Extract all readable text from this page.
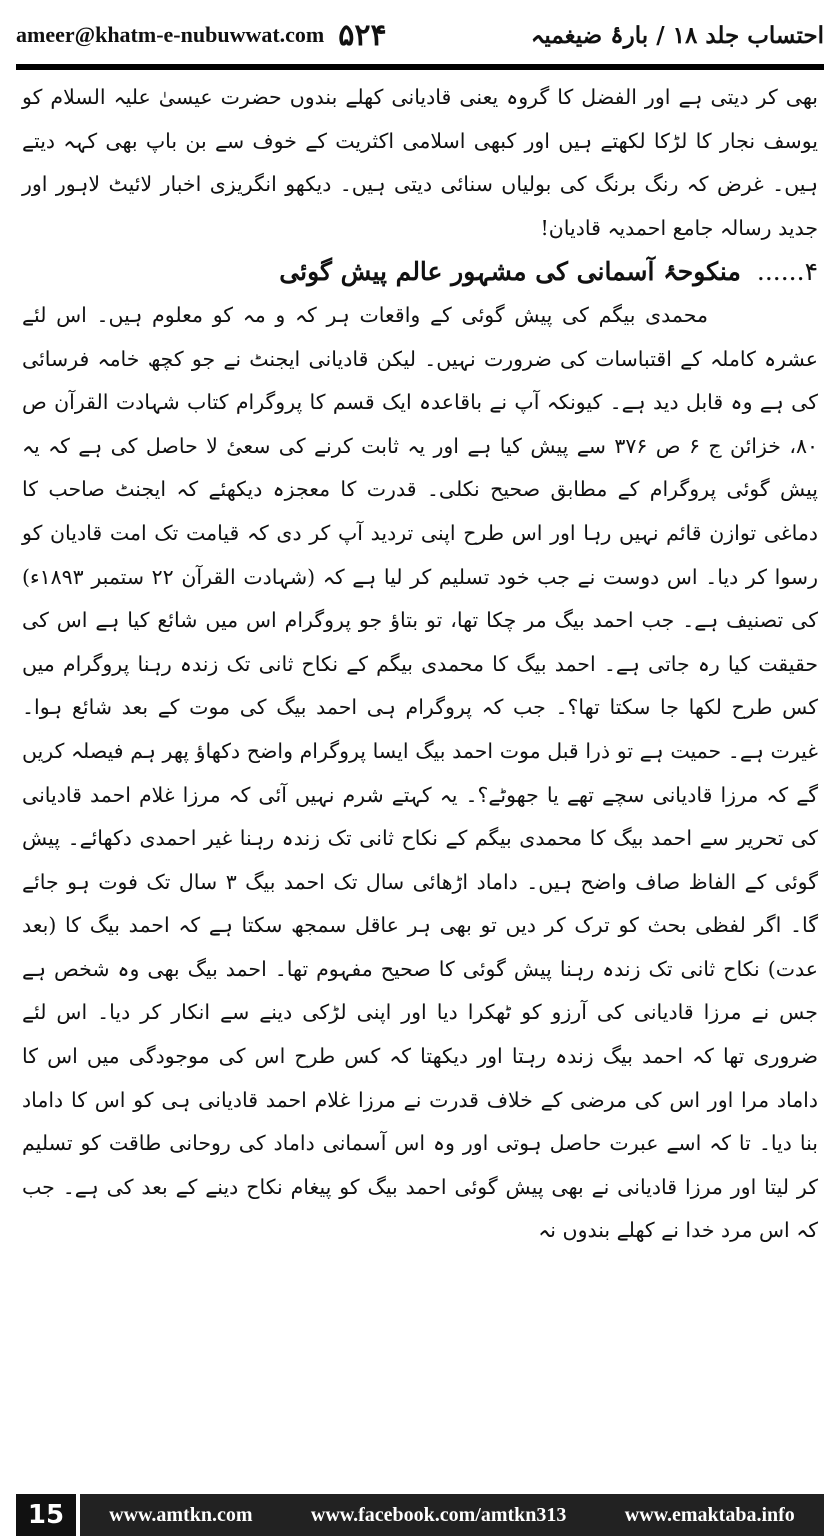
ameer@khatm-e-nubuwwat.com ۵۲۴	احتساب جلد ۱۸ / بارۂ ضیغمیہ

بھی کر دیتی ہے اور الفضل کا گروہ یعنی قادیانی کھلے بندوں حضرت عیسیٰ علیہ السلام کو یوسف نجار کا لڑکا لکھتے ہیں اور کبھی اسلامی اکثریت کے خوف سے بن باپ بھی کہہ دیتے ہیں۔ غرض کہ رنگ برنگ کی بولیاں سنائی دیتی ہیں۔ دیکھو انگریزی اخبار لائیٹ لاہور اور جدید رسالہ جامع احمدیہ قادیان!

۴......
منکوحۂ آسمانی کی مشہور عالم پیش گوئی

محمدی بیگم کی پیش گوئی کے واقعات ہر کہ و مہ کو معلوم ہیں۔ اس لئے عشرہ کاملہ کے اقتباسات کی ضرورت نہیں۔ لیکن قادیانی ایجنٹ نے جو کچھ خامہ فرسائی کی ہے وہ قابل دید ہے۔ کیونکہ آپ نے باقاعدہ ایک قسم کا پروگرام کتاب شہادت القرآن ص ۸۰، خزائن ج ۶ ص ۳۷۶ سے پیش کیا ہے اور یہ ثابت کرنے کی سعیٔ لا حاصل کی ہے کہ یہ پیش گوئی پروگرام کے مطابق صحیح نکلی۔ قدرت کا معجزہ دیکھئے کہ ایجنٹ صاحب کا دماغی توازن قائم نہیں رہا اور اس طرح اپنی تردید آپ کر دی کہ قیامت تک امت قادیان کو رسوا کر دیا۔ اس دوست نے جب خود تسلیم کر لیا ہے کہ (شہادت القرآن ۲۲ ستمبر ۱۸۹۳ء) کی تصنیف ہے۔ جب احمد بیگ مر چکا تھا، تو بتاؤ جو پروگرام اس میں شائع کیا ہے اس کی حقیقت کیا رہ جاتی ہے۔ احمد بیگ کا محمدی بیگم کے نکاح ثانی تک زندہ رہنا پروگرام میں کس طرح لکھا جا سکتا تھا؟۔ جب کہ پروگرام ہی احمد بیگ کی موت کے بعد شائع ہوا۔ غیرت ہے۔ حمیت ہے تو ذرا قبل موت احمد بیگ ایسا پروگرام واضح دکھاؤ پھر ہم فیصلہ کریں گے کہ مرزا قادیانی سچے تھے یا جھوٹے؟۔ یہ کہتے شرم نہیں آئی کہ مرزا غلام احمد قادیانی کی تحریر سے احمد بیگ کا محمدی بیگم کے نکاح ثانی تک زندہ رہنا غیر احمدی دکھائے۔ پیش گوئی کے الفاظ صاف واضح ہیں۔ داماد اڑھائی سال تک احمد بیگ ۳ سال تک فوت ہو جائے گا۔ اگر لفظی بحث کو ترک کر دیں تو بھی ہر عاقل سمجھ سکتا ہے کہ احمد بیگ کا (بعد عدت) نکاح ثانی تک زندہ رہنا پیش گوئی کا صحیح مفہوم تھا۔ احمد بیگ بھی وہ شخص ہے جس نے مرزا قادیانی کی آرزو کو ٹھکرا دیا اور اپنی لڑکی دینے سے انکار کر دیا۔ اس لئے ضروری تھا کہ احمد بیگ زندہ رہتا اور دیکھتا کہ کس طرح اس کی موجودگی میں اس کا داماد مرا اور اس کی مرضی کے خلاف قدرت نے مرزا غلام احمد قادیانی ہی کو اس کا داماد بنا دیا۔ تا کہ اسے عبرت حاصل ہوتی اور وہ اس آسمانی داماد کی روحانی طاقت کو تسلیم کر لیتا اور مرزا قادیانی نے بھی پیش گوئی احمد بیگ کو پیغام نکاح دینے کے بعد کی ہے۔ جب کہ اس مرد خدا نے کھلے بندوں نہ

15	www.amtkn.com	www.facebook.com/amtkn313	www.emaktaba.info
